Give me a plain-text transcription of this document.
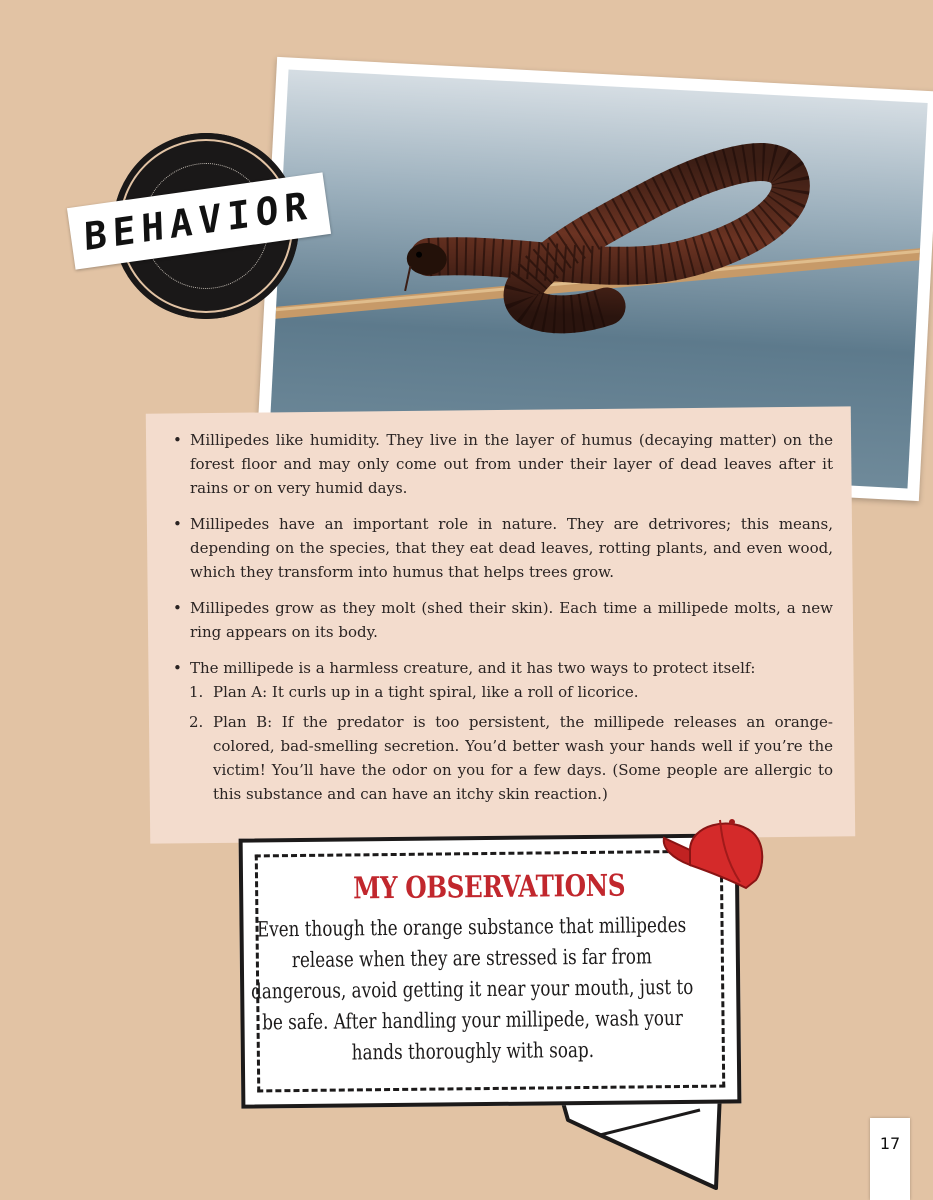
BEHAVIOR
• Millipedes like humidity. They live in the layer of humus (decaying matter) on the forest floor and may only come out from under their layer of dead leaves after it rains or on very humid days.
• Millipedes have an important role in nature. They are detrivores; this means, depending on the species, that they eat dead leaves, rotting plants, and even wood, which they transform into humus that helps trees grow.
• Millipedes grow as they molt (shed their skin). Each time a millipede molts, a new ring appears on its body.
• The millipede is a harmless creature, and it has two ways to protect itself:
1. Plan A: It curls up in a tight spiral, like a roll of licorice.
2. Plan B: If the predator is too persistent, the millipede releases an orange-colored, bad-smelling secretion. You’d better wash your hands well if you’re the victim! You’ll have the odor on you for a few days. (Some people are allergic to this substance and can have an itchy skin reaction.)
MY OBSERVATIONS
Even though the orange substance that millipedes release when they are stressed is far from dangerous, avoid getting it near your mouth, just to be safe. After handling your millipede, wash your hands thoroughly with soap.
17
